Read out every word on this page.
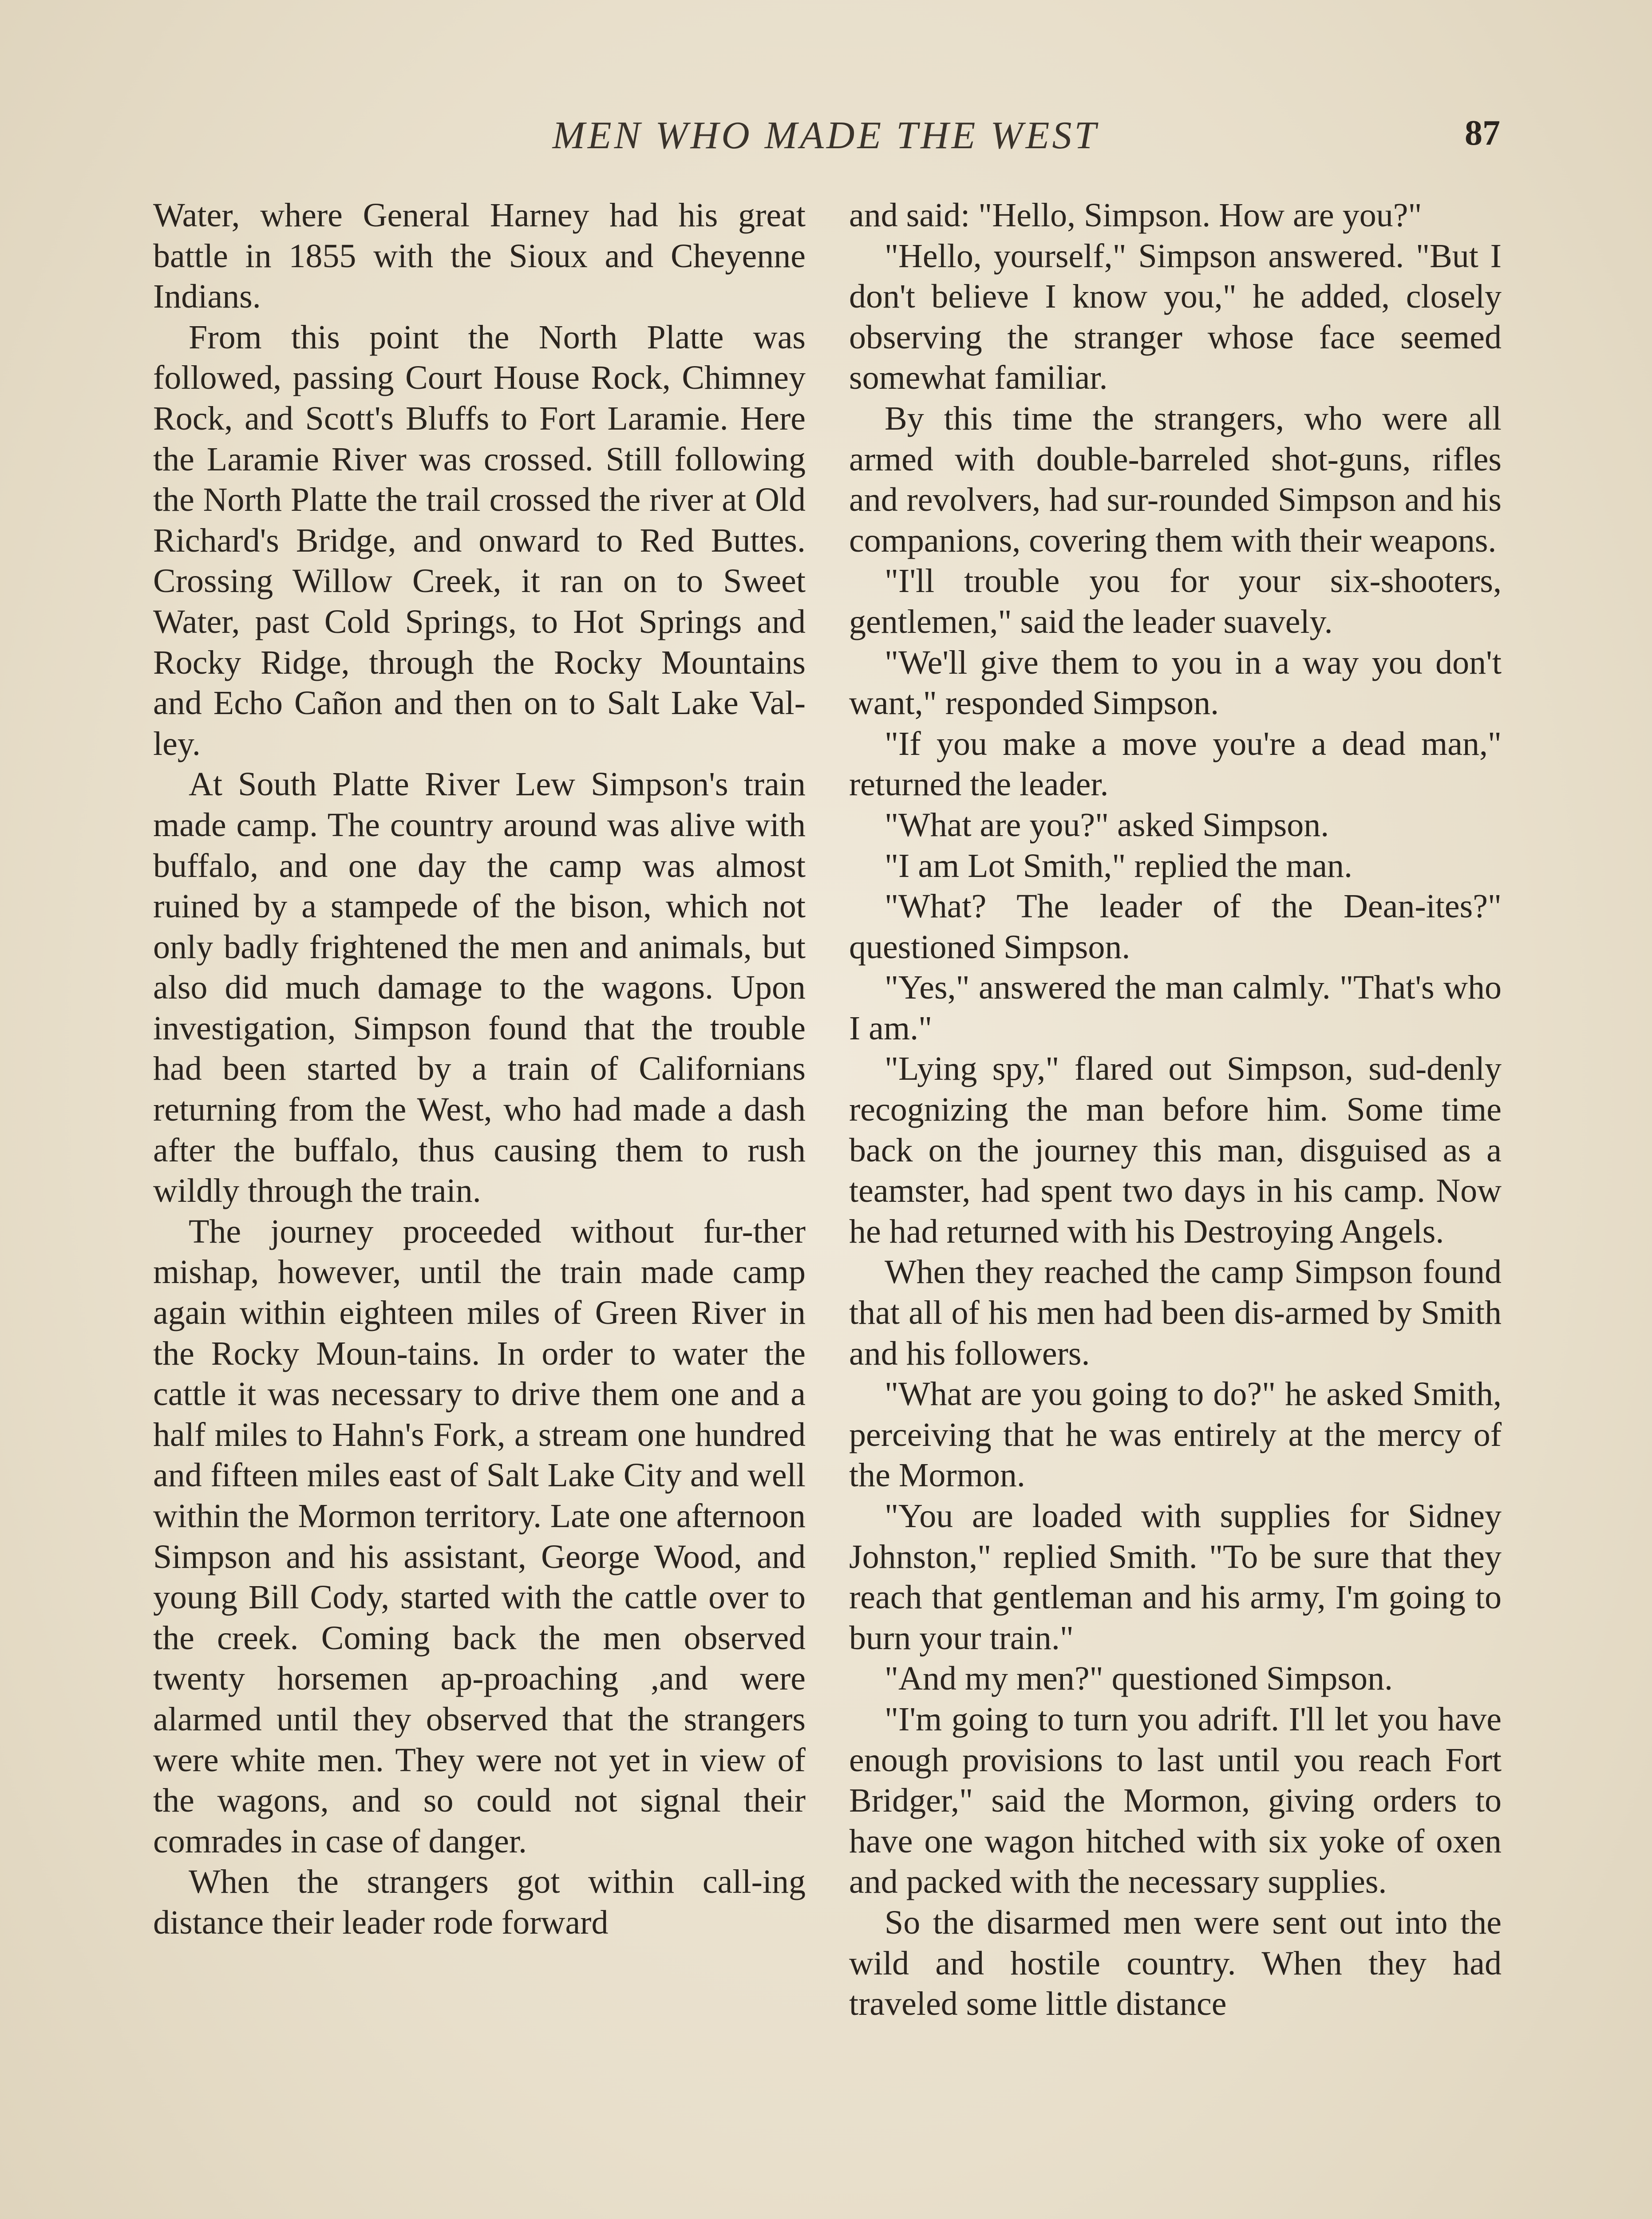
MEN WHO MADE THE WEST	87

Water, where General Harney had his great battle in 1855 with the Sioux and Cheyenne Indians.

From this point the North Platte was followed, passing Court House Rock, Chimney Rock, and Scott's Bluffs to Fort Laramie. Here the Laramie River was crossed. Still following the North Platte the trail crossed the river at Old Richard's Bridge, and onward to Red Buttes. Crossing Willow Creek, it ran on to Sweet Water, past Cold Springs, to Hot Springs and Rocky Ridge, through the Rocky Mountains and Echo Cañon and then on to Salt Lake Val-ley.

At South Platte River Lew Simpson's train made camp. The country around was alive with buffalo, and one day the camp was almost ruined by a stampede of the bison, which not only badly frightened the men and animals, but also did much damage to the wagons. Upon investigation, Simpson found that the trouble had been started by a train of Californians returning from the West, who had made a dash after the buffalo, thus causing them to rush wildly through the train.

The journey proceeded without fur-ther mishap, however, until the train made camp again within eighteen miles of Green River in the Rocky Moun-tains. In order to water the cattle it was necessary to drive them one and a half miles to Hahn's Fork, a stream one hundred and fifteen miles east of Salt Lake City and well within the Mormon territory. Late one afternoon Simpson and his assistant, George Wood, and young Bill Cody, started with the cattle over to the creek. Coming back the men observed twenty horsemen ap-proaching ,and were alarmed until they observed that the strangers were white men. They were not yet in view of the wagons, and so could not signal their comrades in case of danger.

When the strangers got within call-ing distance their leader rode forward

and said: "Hello, Simpson. How are you?"

"Hello, yourself," Simpson answered. "But I don't believe I know you," he added, closely observing the stranger whose face seemed somewhat familiar.

By this time the strangers, who were all armed with double-barreled shot-guns, rifles and revolvers, had sur-rounded Simpson and his companions, covering them with their weapons.

"I'll trouble you for your six-shooters, gentlemen," said the leader suavely.

"We'll give them to you in a way you don't want," responded Simpson.

"If you make a move you're a dead man," returned the leader.

"What are you?" asked Simpson.

"I am Lot Smith," replied the man.

"What? The leader of the Dean-ites?" questioned Simpson.

"Yes," answered the man calmly. "That's who I am."

"Lying spy," flared out Simpson, sud-denly recognizing the man before him. Some time back on the journey this man, disguised as a teamster, had spent two days in his camp. Now he had returned with his Destroying Angels.

When they reached the camp Simpson found that all of his men had been dis-armed by Smith and his followers.

"What are you going to do?" he asked Smith, perceiving that he was entirely at the mercy of the Mormon.

"You are loaded with supplies for Sidney Johnston," replied Smith. "To be sure that they reach that gentleman and his army, I'm going to burn your train."

"And my men?" questioned Simpson.

"I'm going to turn you adrift. I'll let you have enough provisions to last until you reach Fort Bridger," said the Mormon, giving orders to have one wagon hitched with six yoke of oxen and packed with the necessary supplies.

So the disarmed men were sent out into the wild and hostile country. When they had traveled some little distance
